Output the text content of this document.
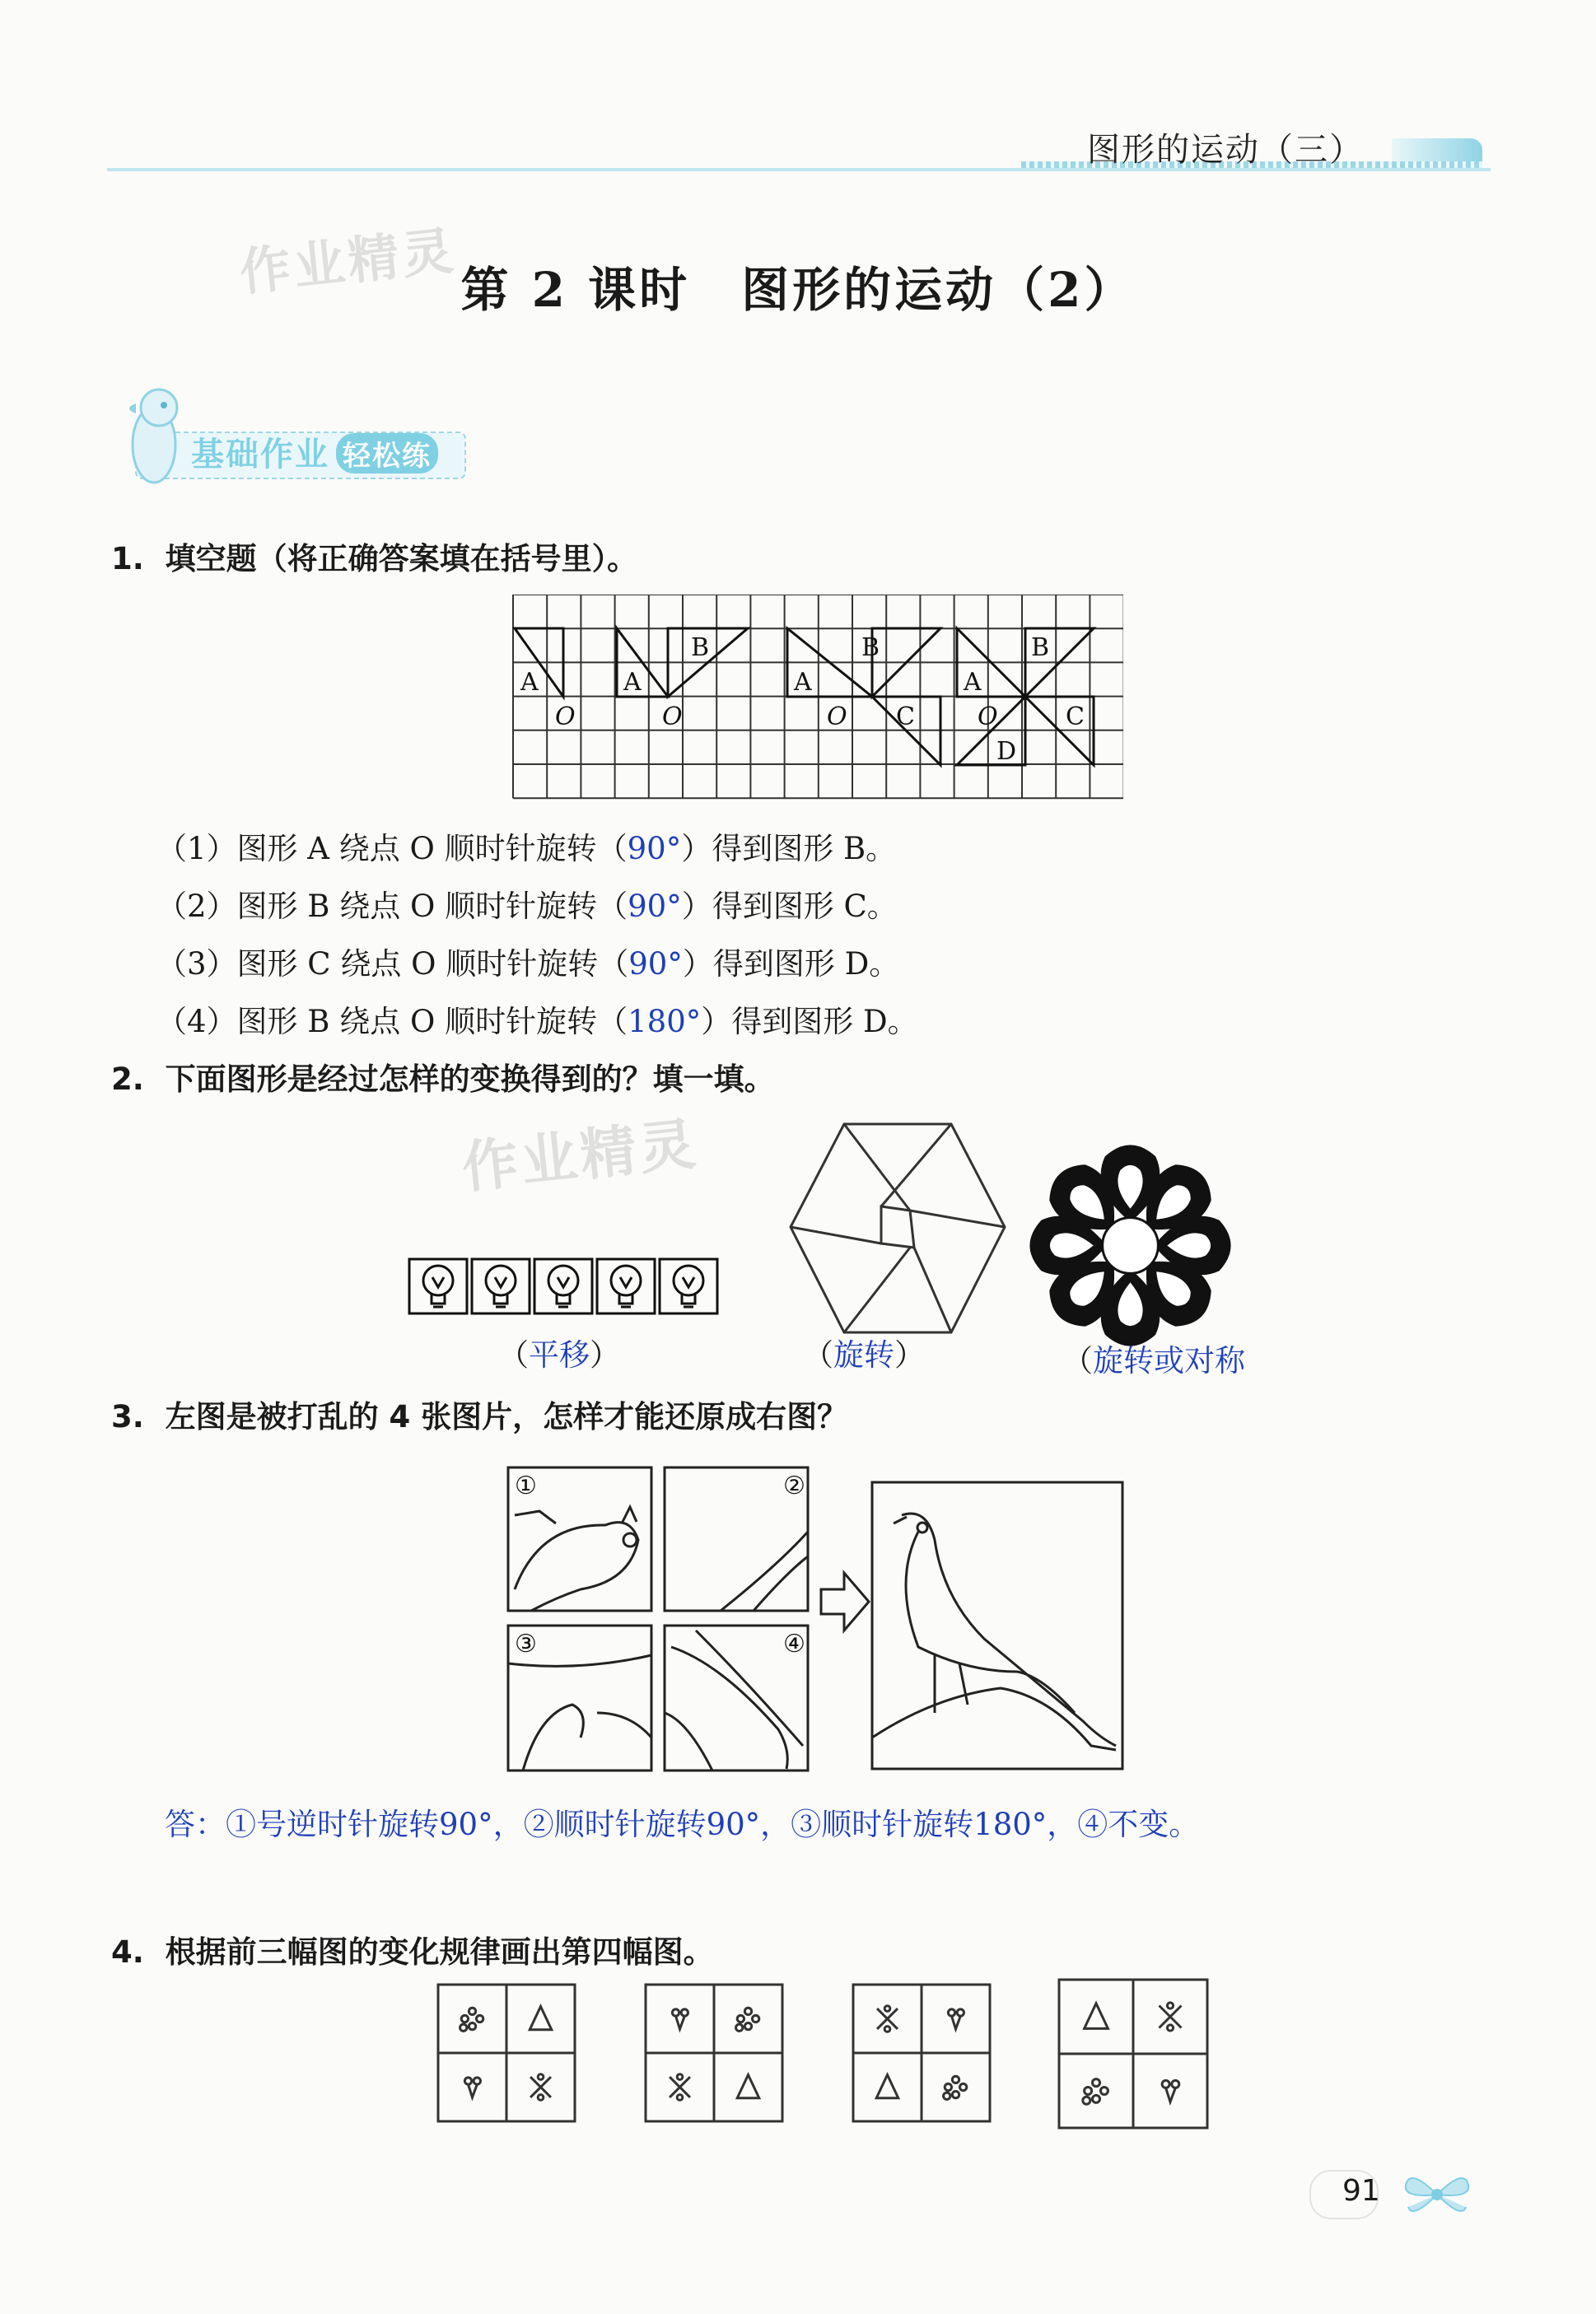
图形的运动（三）
作业精灵
作业精灵
第 2 课时　图形的运动（2）
基础作业 轻松练
1. 填空题（将正确答案填在括号里）。
A
O
A
B
O
A
B
O C
A
B
O	C
D
（1）图形 A 绕点 O 顺时针旋转（90°）得到图形 B。
（2）图形 B 绕点 O 顺时针旋转（90°）得到图形 C。
（3）图形 C 绕点 O 顺时针旋转（90°）得到图形 D。
（4）图形 B 绕点 O 顺时针旋转（180°）得到图形 D。
2. 下面图形是经过怎样的变换得到的？填一填。
（平移）	（旋转）	（旋转或对称
3. 左图是被打乱的 4 张图片，怎样才能还原成右图？
①	②
③	④
答：①号逆时针旋转90°，②顺时针旋转90°，③顺时针旋转180°，④不变。
4. 根据前三幅图的变化规律画出第四幅图。
91
